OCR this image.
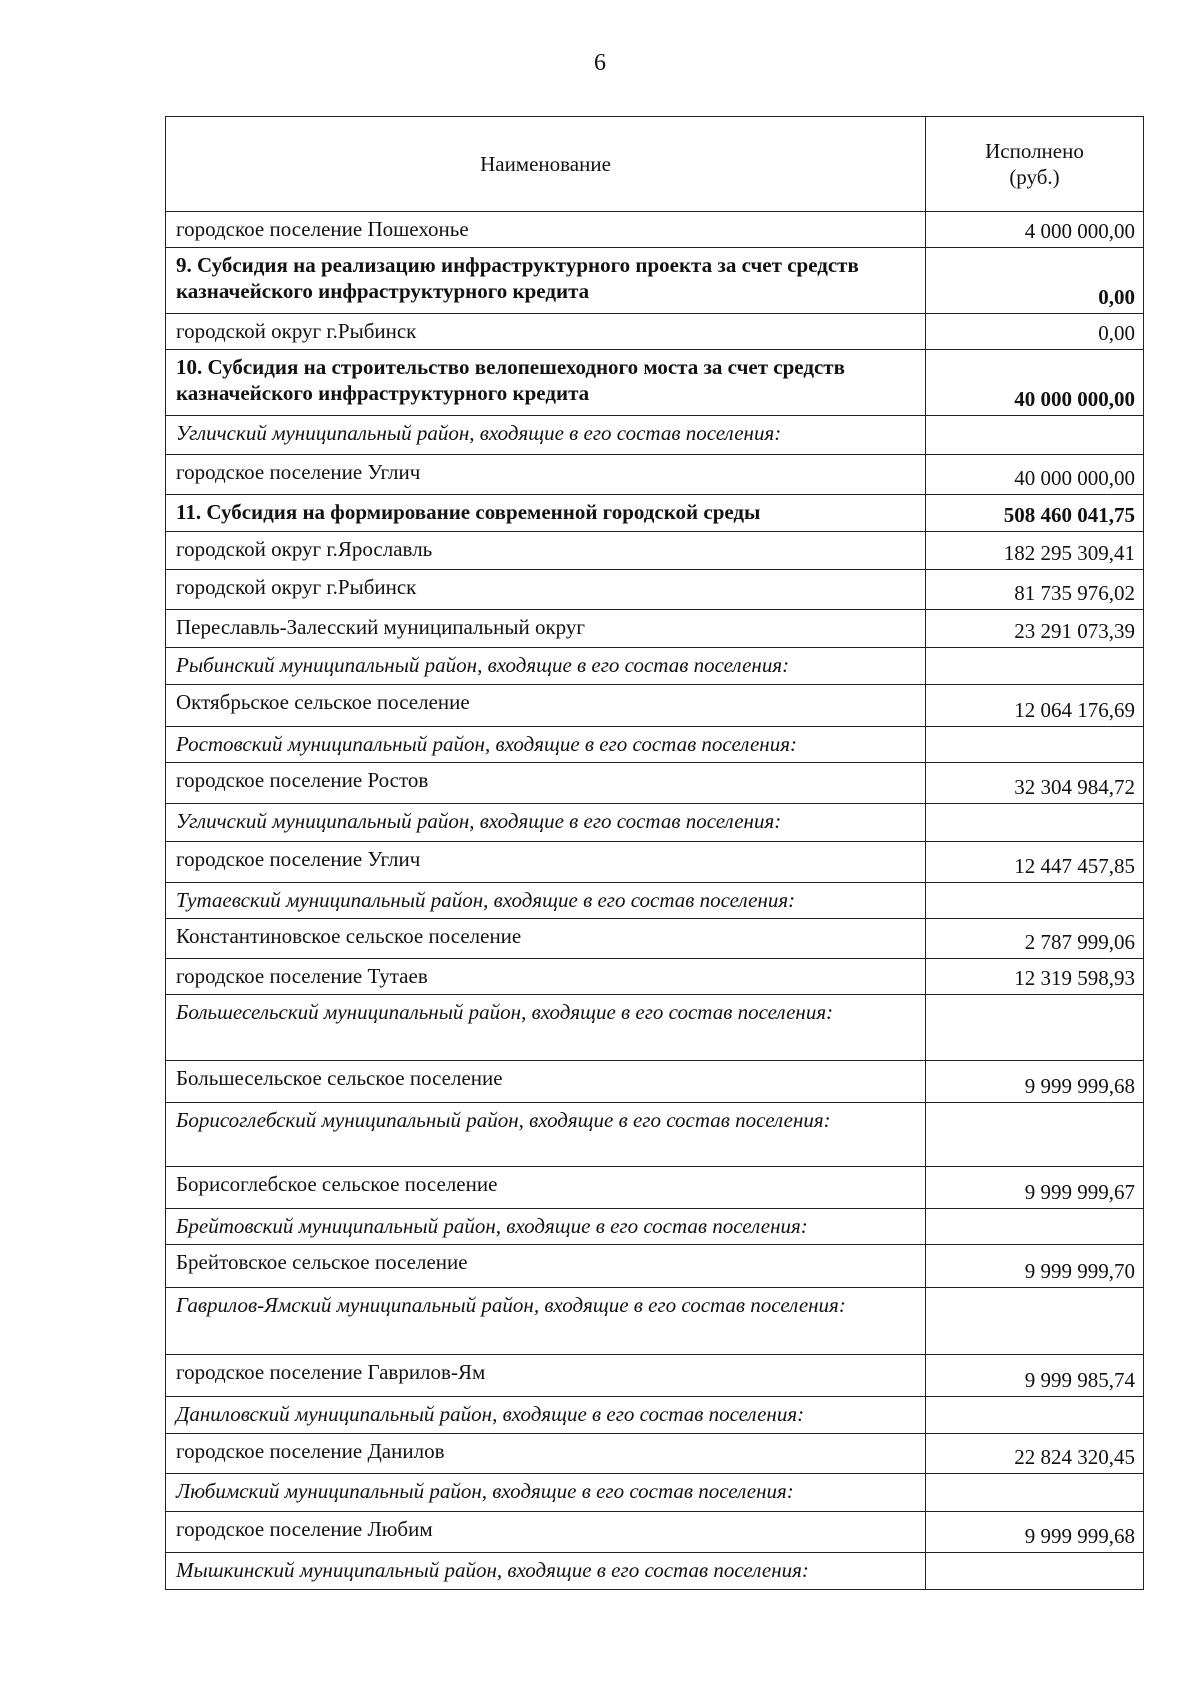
6
Наименование	Исполнено
(руб.)
городское поселение Пошехонье	4 000 000,00
9. Субсидия на реализацию инфраструктурного проекта за счет средств казначейского инфраструктурного кредита	0,00
городской округ г.Рыбинск	0,00
10. Субсидия на строительство велопешеходного моста за счет средств казначейского инфраструктурного кредита	40 000 000,00
Угличский муниципальный район, входящие в его состав поселения:	
городское поселение Углич	40 000 000,00
11. Субсидия на формирование современной городской среды	508 460 041,75
городской округ г.Ярославль	182 295 309,41
городской округ г.Рыбинск	81 735 976,02
Переславль-Залесский муниципальный округ	23 291 073,39
Рыбинский муниципальный район, входящие в его состав поселения:	
Октябрьское сельское поселение	12 064 176,69
Ростовский муниципальный район, входящие в его состав поселения:	
городское поселение Ростов	32 304 984,72
Угличский муниципальный район, входящие в его состав поселения:	
городское поселение Углич	12 447 457,85
Тутаевский муниципальный район, входящие в его состав поселения:	
Константиновское сельское поселение	2 787 999,06
городское поселение Тутаев	12 319 598,93
Большесельский муниципальный район, входящие в его состав поселения:	
Большесельское сельское поселение	9 999 999,68
Борисоглебский муниципальный район, входящие в его состав поселения:	
Борисоглебское сельское поселение	9 999 999,67
Брейтовский муниципальный район, входящие в его состав поселения:	
Брейтовское сельское поселение	9 999 999,70
Гаврилов-Ямский муниципальный район, входящие в его состав поселения:	
городское поселение Гаврилов-Ям	9 999 985,74
Даниловский муниципальный район, входящие в его состав поселения:	
городское поселение Данилов	22 824 320,45
Любимский муниципальный район, входящие в его состав поселения:	
городское поселение Любим	9 999 999,68
Мышкинский муниципальный район, входящие в его состав поселения:	
